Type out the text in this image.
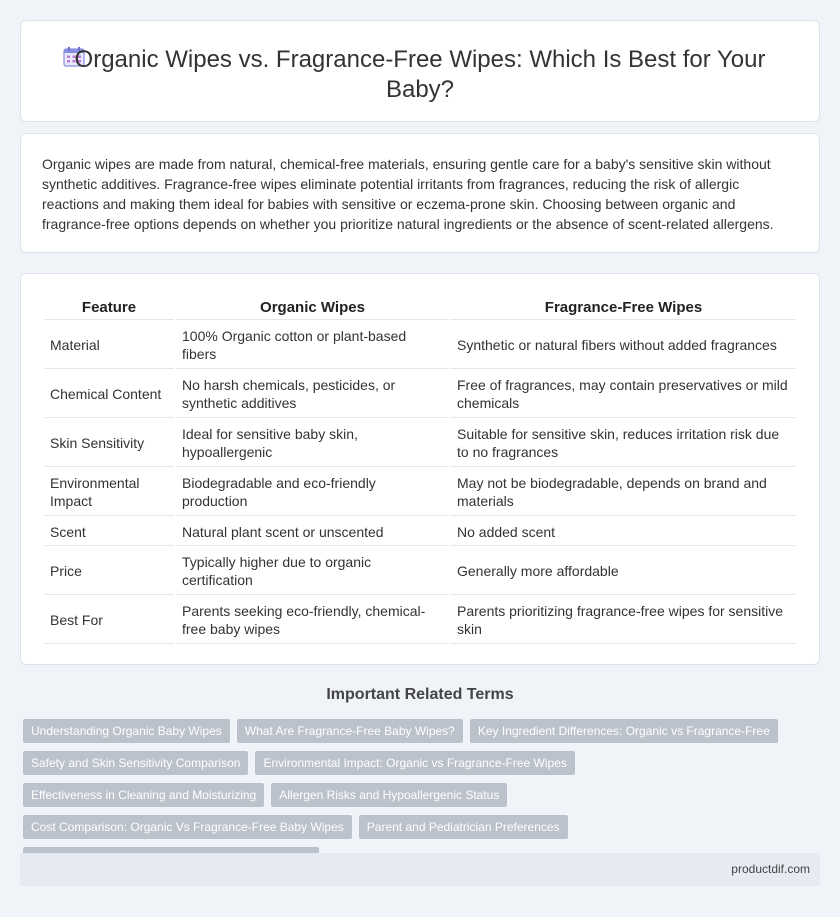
Organic Wipes vs. Fragrance-Free Wipes: Which Is Best for Your Baby?

Organic wipes are made from natural, chemical-free materials, ensuring gentle care for a baby's sensitive skin without synthetic additives. Fragrance-free wipes eliminate potential irritants from fragrances, reducing the risk of allergic reactions and making them ideal for babies with sensitive or eczema-prone skin. Choosing between organic and fragrance-free options depends on whether you prioritize natural ingredients or the absence of scent-related allergens.

Feature	Organic Wipes	Fragrance-Free Wipes
Material	100% Organic cotton or plant-based fibers	Synthetic or natural fibers without added fragrances
Chemical Content	No harsh chemicals, pesticides, or synthetic additives	Free of fragrances, may contain preservatives or mild chemicals
Skin Sensitivity	Ideal for sensitive baby skin, hypoallergenic	Suitable for sensitive skin, reduces irritation risk due to no fragrances
Environmental Impact	Biodegradable and eco-friendly production	May not be biodegradable, depends on brand and materials
Scent	Natural plant scent or unscented	No added scent
Price	Typically higher due to organic certification	Generally more affordable
Best For	Parents seeking eco-friendly, chemical-free baby wipes	Parents prioritizing fragrance-free wipes for sensitive skin
Important Related Terms
Understanding Organic Baby Wipes	What Are Fragrance-Free Baby Wipes?	Key Ingredient Differences: Organic vs Fragrance-Free
Safety and Skin Sensitivity Comparison	Environmental Impact: Organic vs Fragrance-Free Wipes
Effectiveness in Cleaning and Moisturizing	Allergen Risks and Hypoallergenic Status
Cost Comparison: Organic Vs Fragrance-Free Baby Wipes	Parent and Pediatrician Preferences
productdif.com
